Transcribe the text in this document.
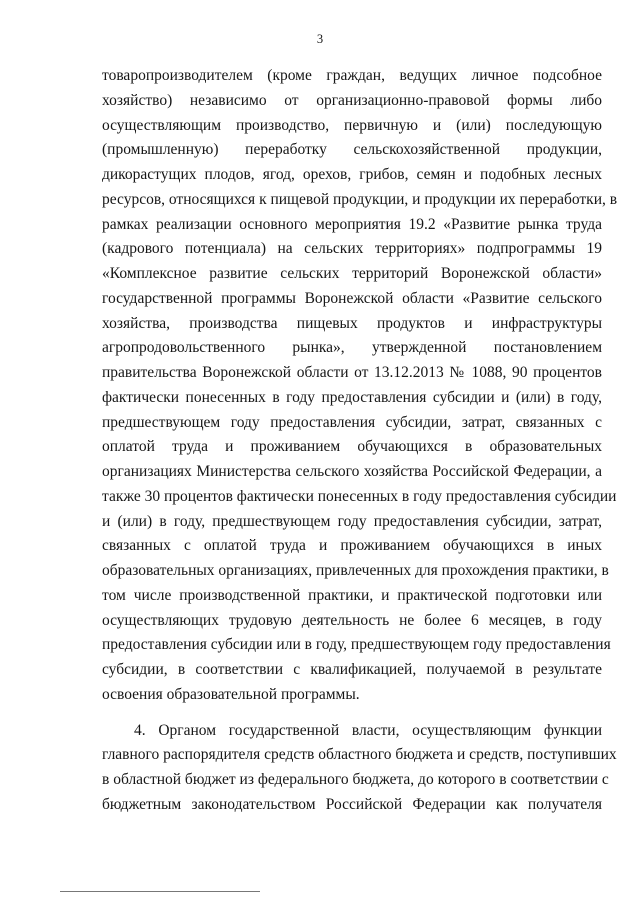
3
товаропроизводителем (кроме граждан, ведущих личное подсобное
хозяйство) независимо от организационно-правовой формы либо
осуществляющим производство, первичную и (или) последующую
(промышленную) переработку сельскохозяйственной продукции,
дикорастущих плодов, ягод, орехов, грибов, семян и подобных лесных
ресурсов, относящихся к пищевой продукции, и продукции их переработки, в
рамках реализации основного мероприятия 19.2 «Развитие рынка труда
(кадрового потенциала) на сельских территориях» подпрограммы 19
«Комплексное развитие сельских территорий Воронежской области»
государственной программы Воронежской области «Развитие сельского
хозяйства, производства пищевых продуктов и инфраструктуры
агропродовольственного рынка», утвержденной постановлением
правительства Воронежской области от 13.12.2013 № 1088, 90 процентов
фактически понесенных в году предоставления субсидии и (или) в году,
предшествующем году предоставления субсидии, затрат, связанных с
оплатой труда и проживанием обучающихся в образовательных
организациях Министерства сельского хозяйства Российской Федерации, а
также 30 процентов фактически понесенных в году предоставления субсидии
и (или) в году, предшествующем году предоставления субсидии, затрат,
связанных с оплатой труда и проживанием обучающихся в иных
образовательных организациях, привлеченных для прохождения практики, в
том числе производственной практики, и практической подготовки или
осуществляющих трудовую деятельность не более 6 месяцев, в году
предоставления субсидии или в году, предшествующем году предоставления
субсидии, в соответствии с квалификацией, получаемой в результате
освоения образовательной программы.
4. Органом государственной власти, осуществляющим функции
главного распорядителя средств областного бюджета и средств, поступивших
в областной бюджет из федерального бюджета, до которого в соответствии с
бюджетным законодательством Российской Федерации как получателя
